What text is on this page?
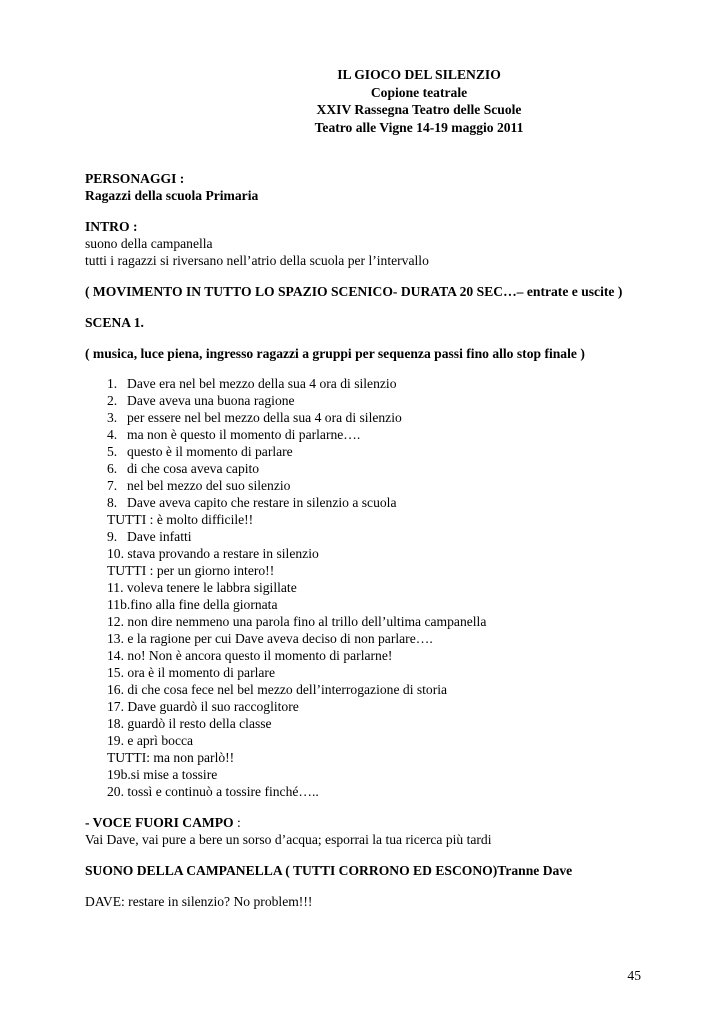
IL GIOCO DEL SILENZIO
Copione teatrale
XXIV Rassegna Teatro delle Scuole
Teatro alle Vigne 14-19 maggio 2011
PERSONAGGI :
Ragazzi della scuola Primaria
INTRO :
suono della campanella
tutti i ragazzi si riversano nell’atrio della scuola per l’intervallo
( MOVIMENTO IN TUTTO LO SPAZIO SCENICO- DURATA 20 SEC…– entrate e uscite )
SCENA 1.
( musica, luce piena, ingresso ragazzi a gruppi per sequenza passi fino allo stop finale )
1. Dave era nel bel mezzo della sua 4 ora di silenzio
2. Dave aveva una buona ragione
3. per essere nel bel mezzo della sua 4 ora di silenzio
4. ma non è questo il momento di parlarne….
5. questo è il momento di parlare
6. di che cosa aveva capito
7. nel bel mezzo del suo silenzio
8. Dave aveva capito che restare in silenzio a scuola
TUTTI : è molto difficile!!
9. Dave infatti
10. stava provando a restare in silenzio
TUTTI : per un giorno intero!!
11. voleva tenere le labbra sigillate
11b.fino alla fine della giornata
12. non dire nemmeno una parola fino al trillo dell’ultima campanella
13. e la ragione per cui Dave aveva deciso di non parlare….
14. no! Non è ancora questo il momento di parlarne!
15. ora è il momento di parlare
16. di che cosa fece nel bel mezzo dell’interrogazione di storia
17. Dave guardò il suo raccoglitore
18. guardò il resto della classe
19. e aprì bocca
TUTTI: ma non parlò!!
19b.si mise a tossire
20. tossì e continuò a tossire finché…..
- VOCE FUORI CAMPO :
Vai Dave, vai pure a bere un sorso d’acqua; esporrai la tua ricerca più tardi
SUONO DELLA CAMPANELLA ( TUTTI CORRONO ED ESCONO)Tranne Dave
DAVE: restare in silenzio? No problem!!!
45
